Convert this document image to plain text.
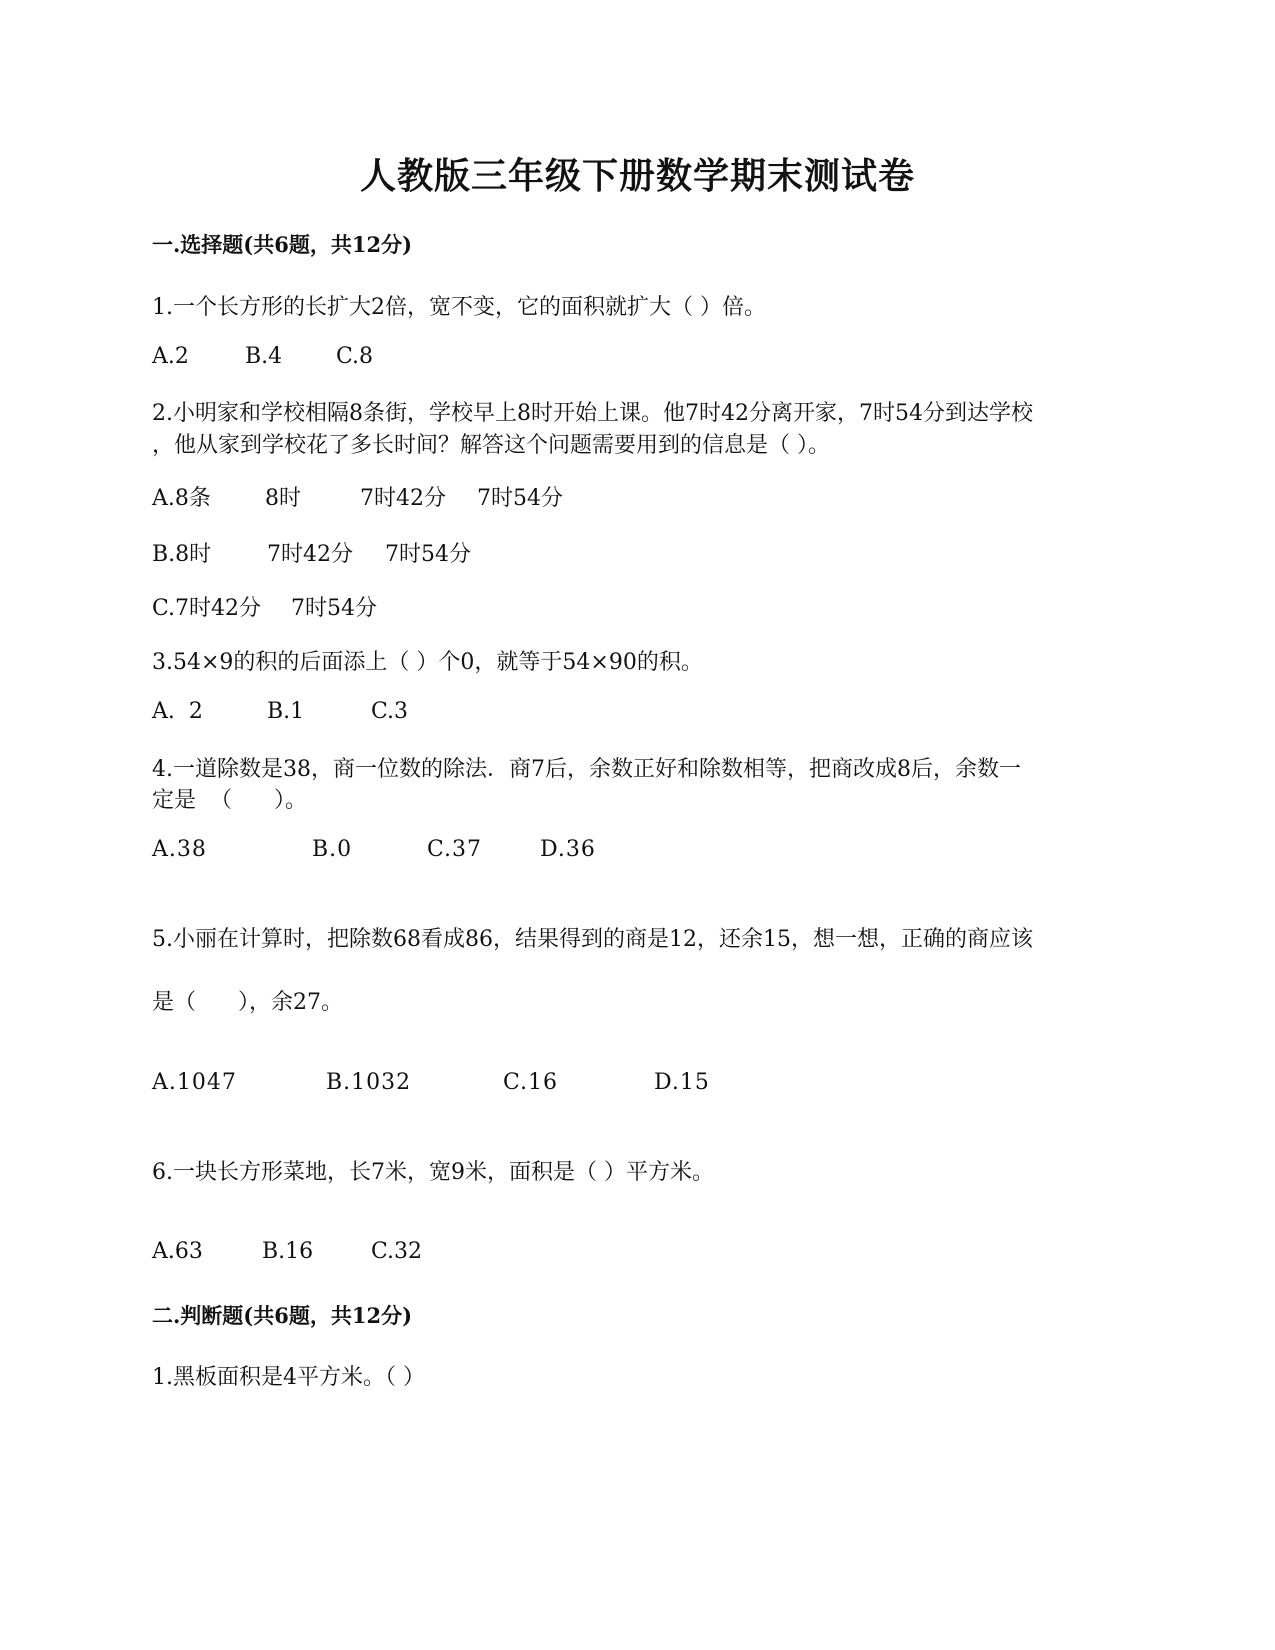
人教版三年级下册数学期末测试卷
一.选择题(共6题，共12分)
1.一个长方形的长扩大2倍，宽不变，它的面积就扩大（ ）倍。
A.2	B.4 C.8
2.小明家和学校相隔8条街，学校早上8时开始上课。他7时42分离开家，7时54分到达学校
，他从家到学校花了多长时间？解答这个问题需要用到的信息是（ ）。
A.8条 8时	7时42分 7时54分
B.8时	7时42分 7时54分
C.7时42分 7时54分
3.54×9的积的后面添上（ ）个0，就等于54×90的积。
A.  2	B.1	C.3
4.一道除数是38，商一位数的除法．商7后，余数正好和除数相等，把商改成8后，余数一
定是  （      ）。
A.38	B.0	C.37	D.36
5.小丽在计算时，把除数68看成86，结果得到的商是12，还余15，想一想，正确的商应该
是（      ），余27。
A.1047	B.1032	C.16	D.15
6.一块长方形菜地，长7米，宽9米，面积是（ ）平方米。
A.63	B.16	C.32
二.判断题(共6题，共12分)
1.黑板面积是4平方米。（ ）
